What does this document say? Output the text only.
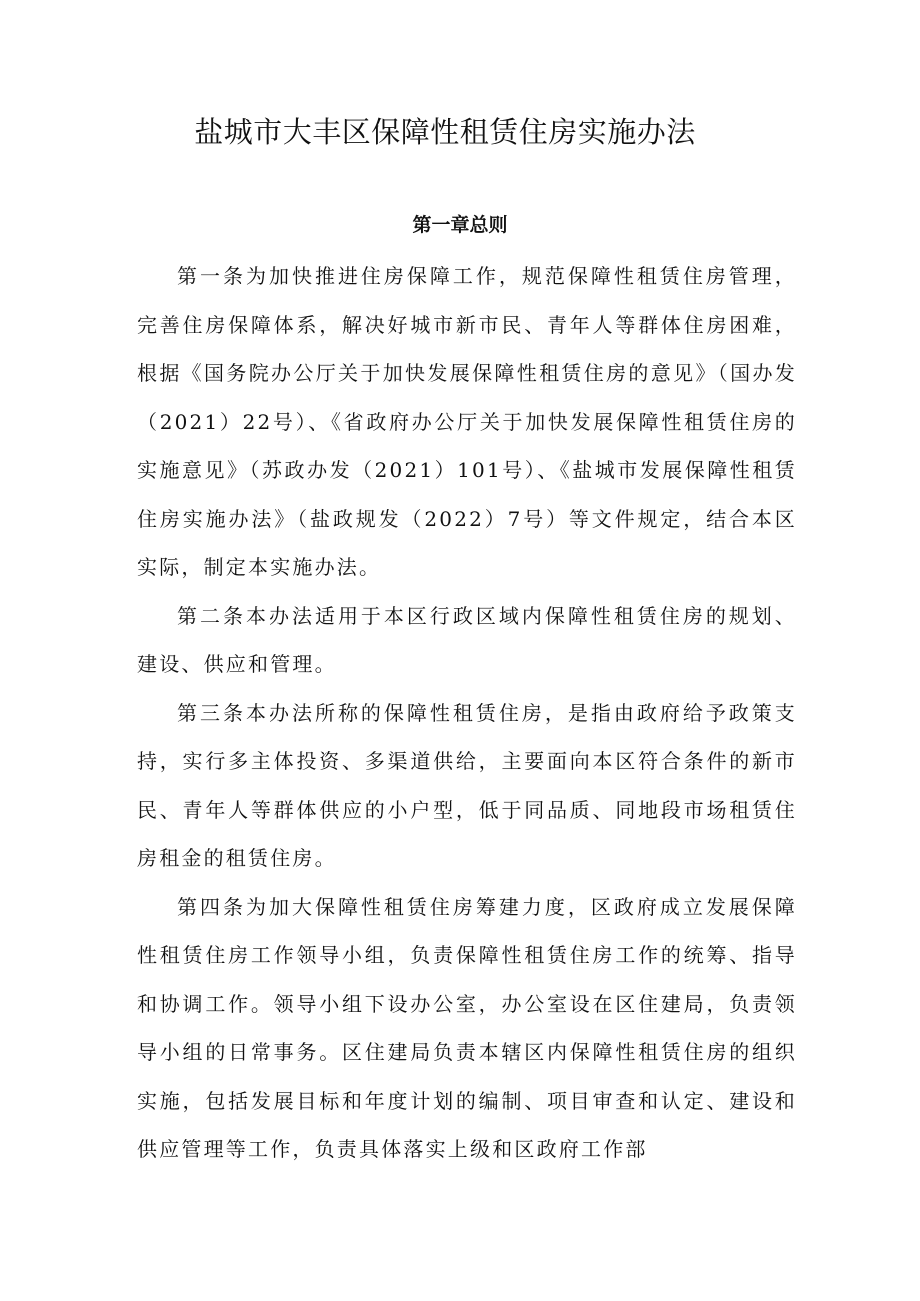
盐城市大丰区保障性租赁住房实施办法
第一章总则

第一条为加快推进住房保障工作，规范保障性租赁住房管理，完善住房保障体系，解决好城市新市民、青年人等群体住房困难，根据《国务院办公厅关于加快发展保障性租赁住房的意见》（国办发（2021）22号）、《省政府办公厅关于加快发展保障性租赁住房的实施意见》（苏政办发（2021）101号）、《盐城市发展保障性租赁住房实施办法》（盐政规发（2022）7号）等文件规定，结合本区实际，制定本实施办法。

第二条本办法适用于本区行政区域内保障性租赁住房的规划、建设、供应和管理。

第三条本办法所称的保障性租赁住房，是指由政府给予政策支持，实行多主体投资、多渠道供给，主要面向本区符合条件的新市民、青年人等群体供应的小户型，低于同品质、同地段市场租赁住房租金的租赁住房。

第四条为加大保障性租赁住房筹建力度，区政府成立发展保障性租赁住房工作领导小组，负责保障性租赁住房工作的统筹、指导和协调工作。领导小组下设办公室，办公室设在区住建局，负责领导小组的日常事务。区住建局负责本辖区内保障性租赁住房的组织实施，包括发展目标和年度计划的编制、项目审查和认定、建设和供应管理等工作，负责具体落实上级和区政府工作部
